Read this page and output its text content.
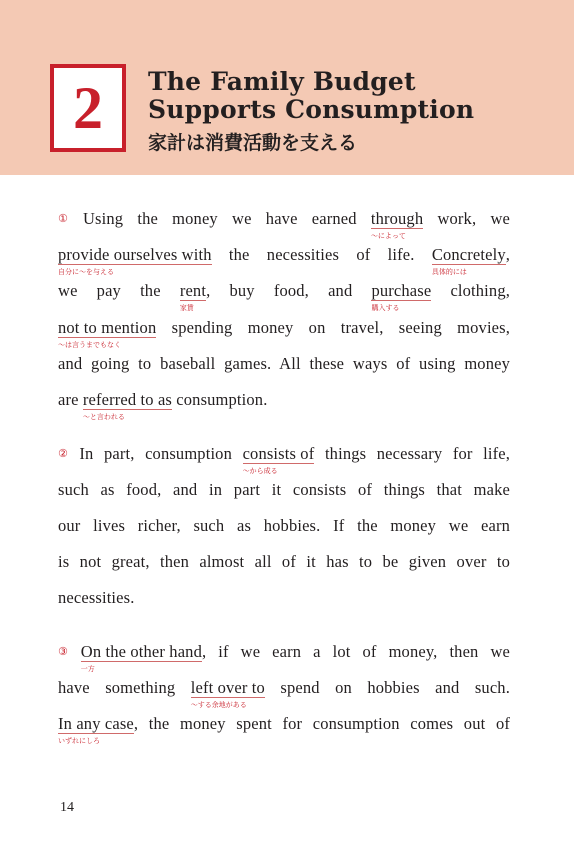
2 The Family Budget
Supports Consumption
家計は消費活動を支える
① Using the money we have earned through
〜によって
work, we
provide ourselves with
自分に〜を与える
the necessities of life. Concretely
具体的には
,
we pay the rent
家賃
, buy food, and purchase
購入する
clothing,
not to mention
〜は言うまでもなく
spending money on travel, seeing movies,
and going to baseball games. All these ways of using money
are referred to as
〜と言われる
consumption.
② In part, consumption consists of
〜から成る
things necessary for life,
such as food, and in part it consists of things that make
our lives richer, such as hobbies. If the money we earn
is not great, then almost all of it has to be given over to
necessities.
③ On the other hand
一方
, if we earn a lot of money, then we
have something left over to
〜する余地がある
spend on hobbies and such.
In any case
いずれにしろ
, the money spent for consumption comes out of
14
